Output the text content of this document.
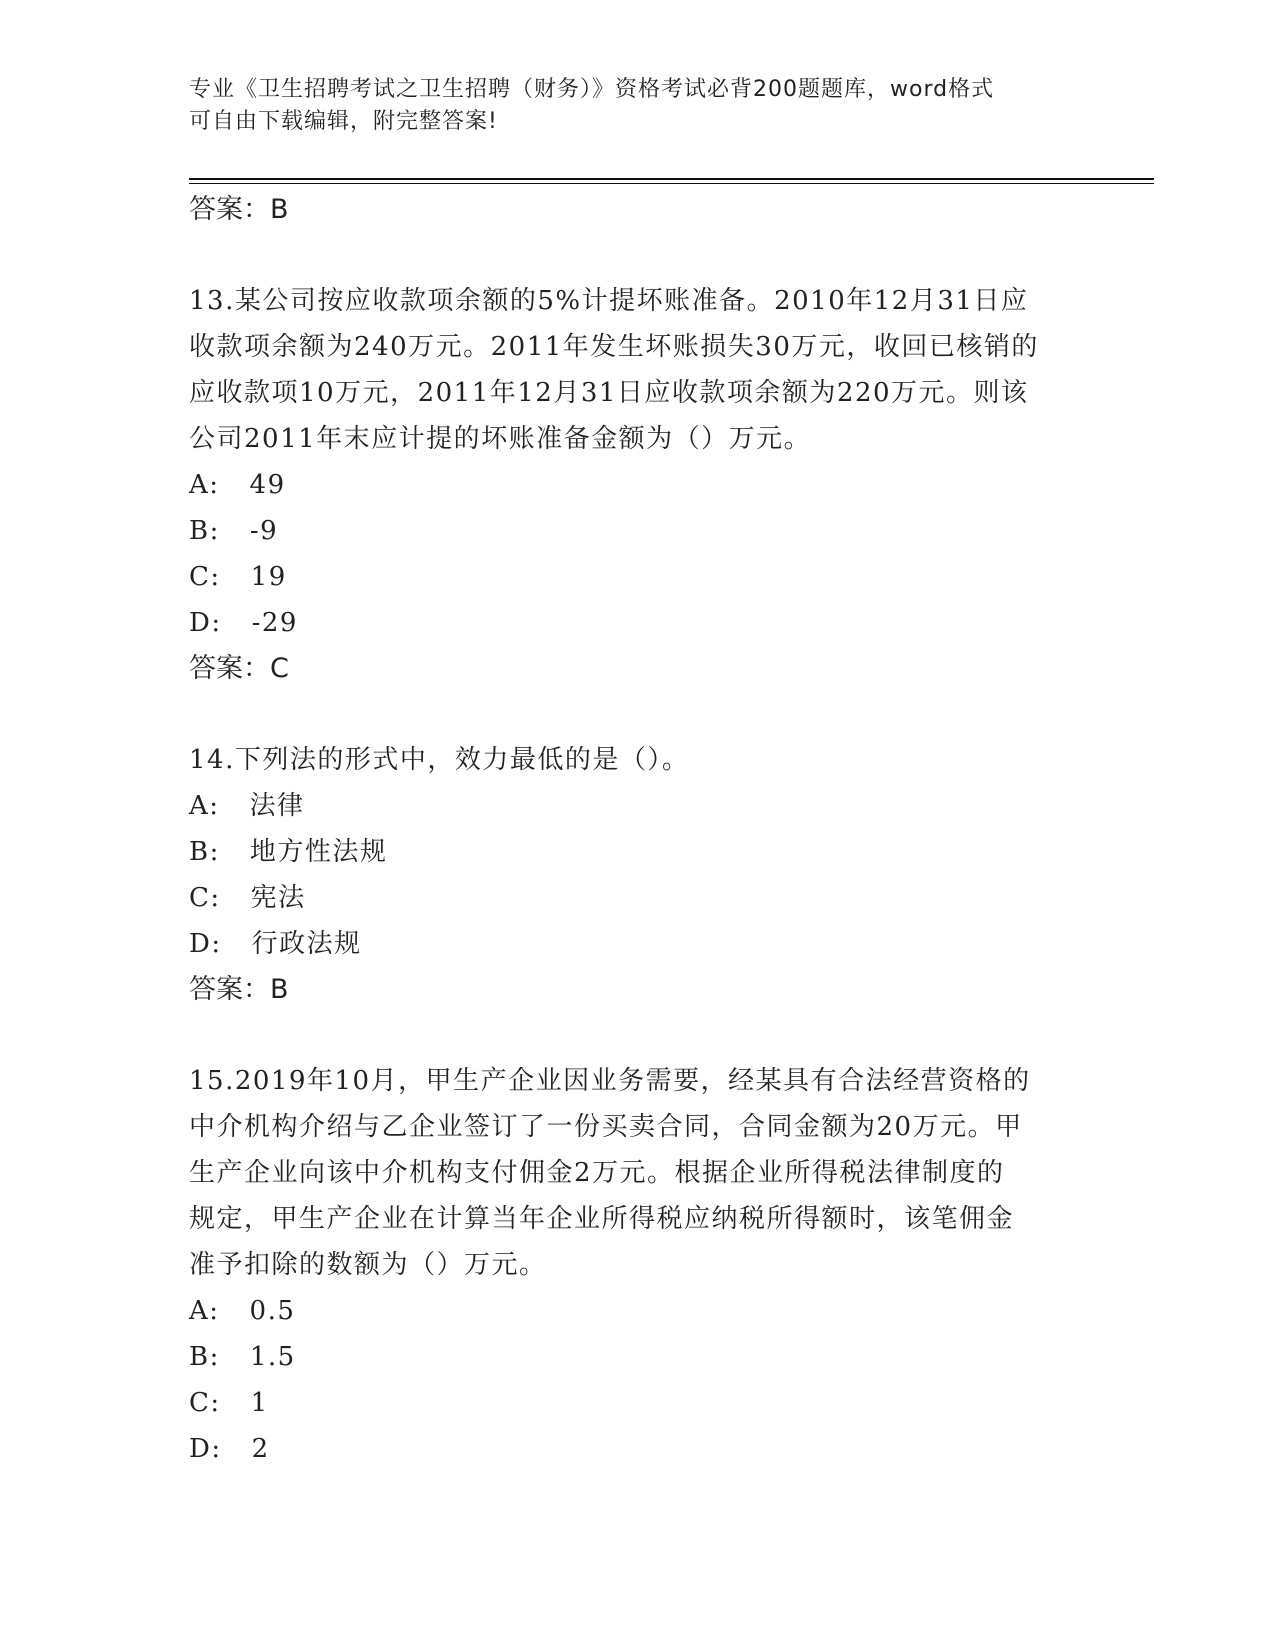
专业《卫生招聘考试之卫生招聘（财务）》资格考试必背200题题库，word格式
可自由下载编辑，附完整答案!

答案：B

13.某公司按应收款项余额的5%计提坏账准备。2010年12月31日应

收款项余额为240万元。2011年发生坏账损失30万元，收回已核销的

应收款项10万元，2011年12月31日应收款项余额为220万元。则该

公司2011年末应计提的坏账准备金额为（）万元。

A: 49
B: -9
C: 19
D: -29

答案：C

14.下列法的形式中，效力最低的是（）。

A: 法律
B: 地方性法规
C: 宪法
D: 行政法规

答案：B

15.2019年10月，甲生产企业因业务需要，经某具有合法经营资格的

中介机构介绍与乙企业签订了一份买卖合同，合同金额为20万元。甲

生产企业向该中介机构支付佣金2万元。根据企业所得税法律制度的

规定，甲生产企业在计算当年企业所得税应纳税所得额时，该笔佣金

准予扣除的数额为（）万元。

A: 0.5
B: 1.5
C: 1
D: 2
